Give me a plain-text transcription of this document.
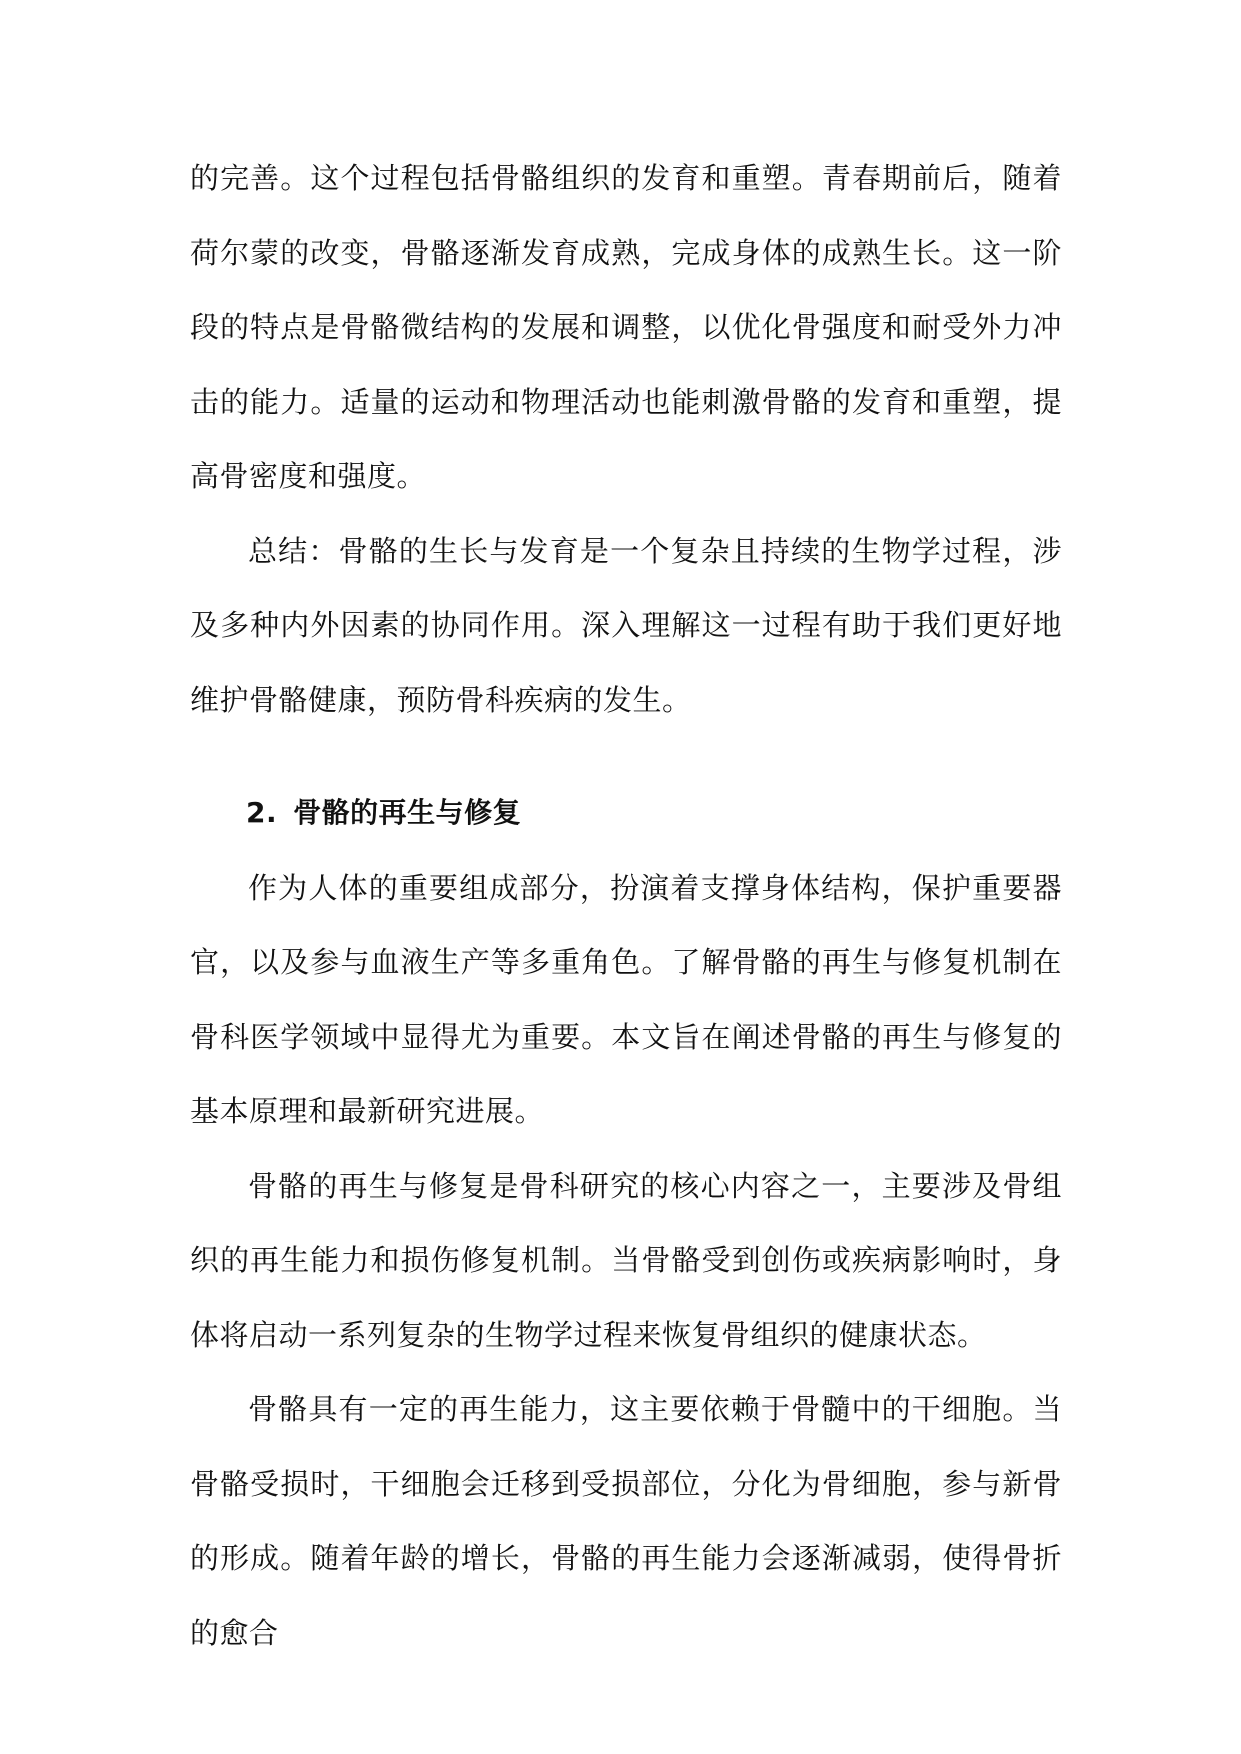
的完善。这个过程包括骨骼组织的发育和重塑。青春期前后，随着荷尔蒙的改变，骨骼逐渐发育成熟，完成身体的成熟生长。这一阶段的特点是骨骼微结构的发展和调整，以优化骨强度和耐受外力冲击的能力。适量的运动和物理活动也能刺激骨骼的发育和重塑，提高骨密度和强度。

总结：骨骼的生长与发育是一个复杂且持续的生物学过程，涉及多种内外因素的协同作用。深入理解这一过程有助于我们更好地维护骨骼健康，预防骨科疾病的发生。

2. 骨骼的再生与修复

作为人体的重要组成部分，扮演着支撑身体结构，保护重要器官，以及参与血液生产等多重角色。了解骨骼的再生与修复机制在骨科医学领域中显得尤为重要。本文旨在阐述骨骼的再生与修复的基本原理和最新研究进展。

骨骼的再生与修复是骨科研究的核心内容之一，主要涉及骨组织的再生能力和损伤修复机制。当骨骼受到创伤或疾病影响时，身体将启动一系列复杂的生物学过程来恢复骨组织的健康状态。

骨骼具有一定的再生能力，这主要依赖于骨髓中的干细胞。当骨骼受损时，干细胞会迁移到受损部位，分化为骨细胞，参与新骨的形成。随着年龄的增长，骨骼的再生能力会逐渐减弱，使得骨折的愈合
